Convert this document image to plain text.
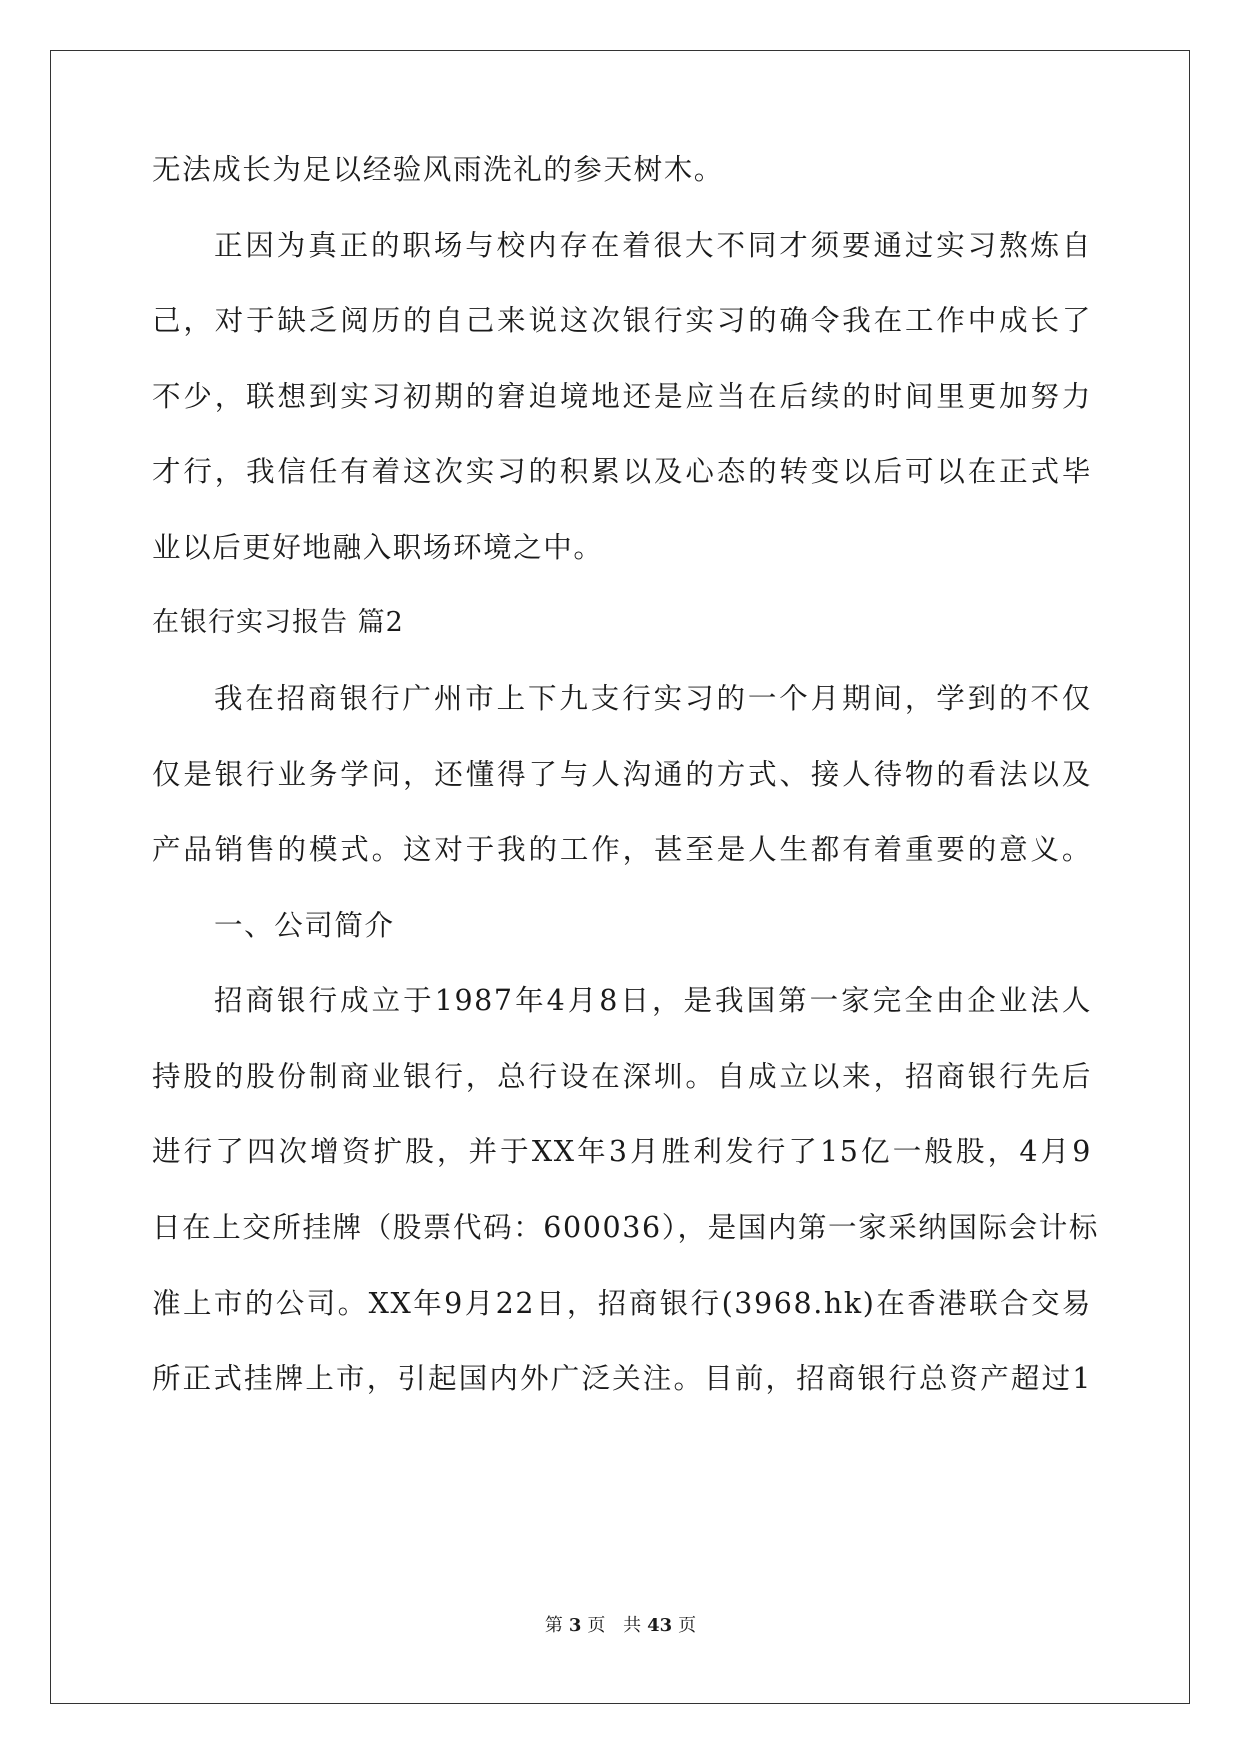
无法成长为足以经验风雨洗礼的参天树木。
正因为真正的职场与校内存在着很大不同才须要通过实习熬炼自
己，对于缺乏阅历的自己来说这次银行实习的确令我在工作中成长了
不少，联想到实习初期的窘迫境地还是应当在后续的时间里更加努力
才行，我信任有着这次实习的积累以及心态的转变以后可以在正式毕
业以后更好地融入职场环境之中。
在银行实习报告 篇2
我在招商银行广州市上下九支行实习的一个月期间，学到的不仅
仅是银行业务学问，还懂得了与人沟通的方式、接人待物的看法以及
产品销售的模式。这对于我的工作，甚至是人生都有着重要的意义。
一、公司简介
招商银行成立于1987年4月8日，是我国第一家完全由企业法人
持股的股份制商业银行，总行设在深圳。自成立以来，招商银行先后
进行了四次增资扩股，并于XX年3月胜利发行了15亿一般股，4月9
日在上交所挂牌（股票代码：600036），是国内第一家采纳国际会计标
准上市的公司。XX年9月22日，招商银行(3968.hk)在香港联合交易
所正式挂牌上市，引起国内外广泛关注。目前，招商银行总资产超过1
第 3 页 共 43 页
